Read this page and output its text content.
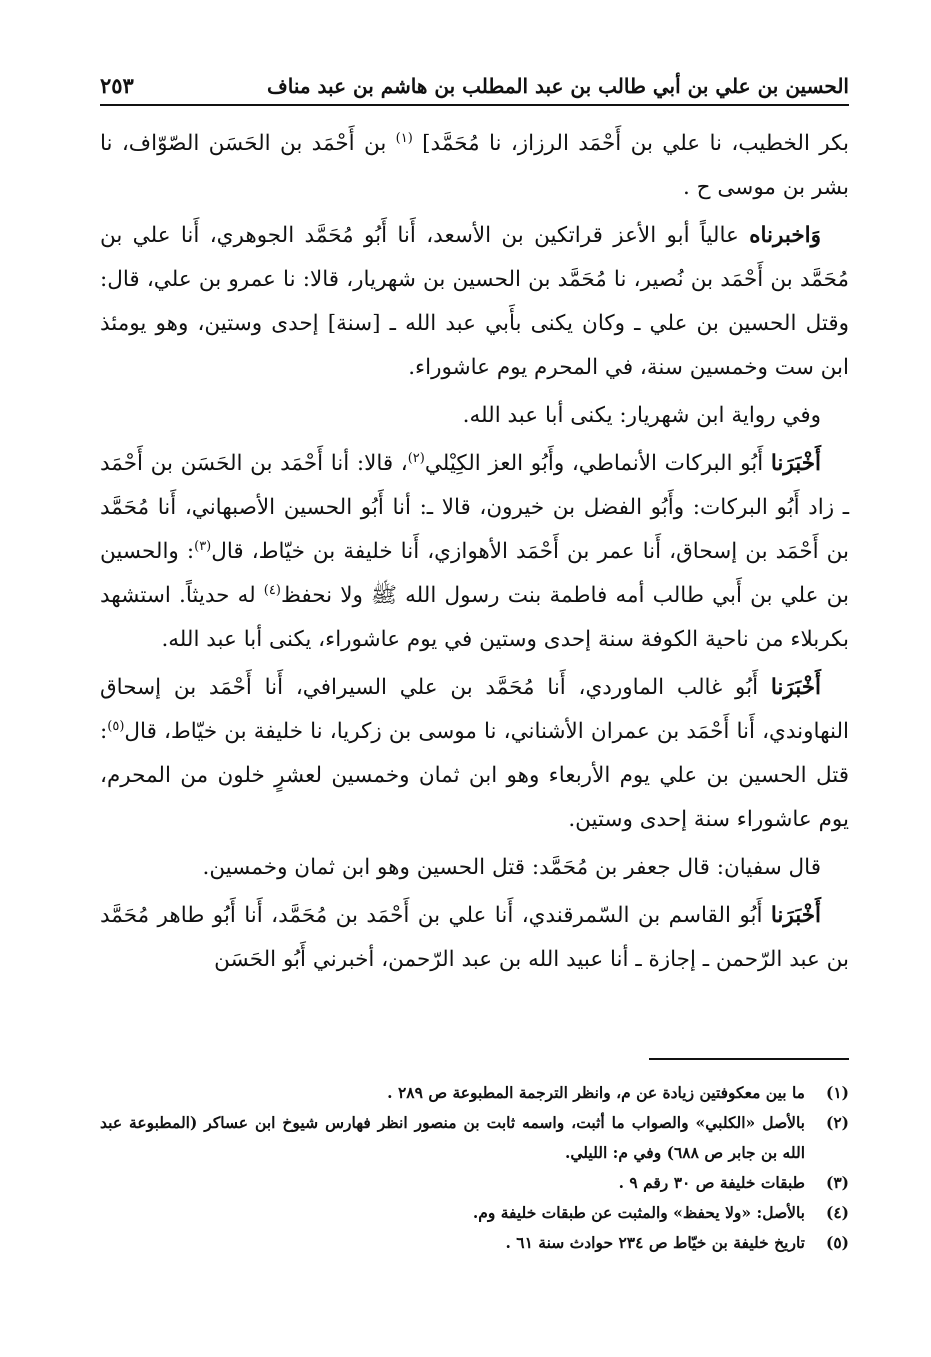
الحسين بن علي بن أبي طالب بن عبد المطلب بن هاشم بن عبد مناف
٢٥٣

بكر الخطيب، نا علي بن أَحْمَد الرزاز، نا مُحَمَّد] $^{(١)}$ بن أَحْمَد بن الحَسَن الصّوّاف، نا بشر بن موسى ح .

وَاخبرناه عالياً أبو الأعز قراتكين بن الأسعد، أَنا أَبُو مُحَمَّد الجوهري، أَنا علي بن مُحَمَّد بن أَحْمَد بن نُصير، نا مُحَمَّد بن الحسين بن شهريار، قالا: نا عمرو بن علي، قال: وقتل الحسين بن علي ـ وكان يكنى بأَبي عبد الله ـ [سنة] إحدى وستين، وهو يومئذ ابن ست وخمسين سنة، في المحرم يوم عاشوراء.

وفي رواية ابن شهريار: يكنى أبا عبد الله.

أَخْبَرَنا أَبُو البركات الأنماطي، وأَبُو العز الكِيْلي$^{(٢)}$، قالا: أنا أَحْمَد بن الحَسَن بن أَحْمَد ـ زاد أَبُو البركات: وأَبُو الفضل بن خيرون، قالا ـ: أنا أَبُو الحسين الأصبهاني، أَنا مُحَمَّد بن أَحْمَد بن إسحاق، أَنا عمر بن أَحْمَد الأهوازي، أَنا خليفة بن خيّاط، قال$^{(٣)}$: والحسين بن علي بن أَبي طالب أمه فاطمة بنت رسول الله ﷺ ولا نحفظ$^{(٤)}$ له حديثاً. استشهد بكربلاء من ناحية الكوفة سنة إحدى وستين في يوم عاشوراء، يكنى أبا عبد الله.

أَخْبَرَنا أَبُو غالب الماوردي، أَنا مُحَمَّد بن علي السيرافي، أَنا أَحْمَد بن إسحاق النهاوندي، أَنا أَحْمَد بن عمران الأشناني، نا موسى بن زكريا، نا خليفة بن خيّاط، قال$^{(٥)}$: قتل الحسين بن علي يوم الأربعاء وهو ابن ثمان وخمسين لعشرٍ خلون من المحرم، يوم عاشوراء سنة إحدى وستين.

قال سفيان: قال جعفر بن مُحَمَّد: قتل الحسين وهو ابن ثمان وخمسين.

أَخْبَرَنا أَبُو القاسم بن السّمرقندي، أَنا علي بن أَحْمَد بن مُحَمَّد، أَنا أَبُو طاهر مُحَمَّد بن عبد الرّحمن ـ إجازة ـ أنا عبيد الله بن عبد الرّحمن، أخبرني أَبُو الحَسَن

(١)
ما بين معكوفتين زيادة عن م، وانظر الترجمة المطبوعة ص ٢٨٩ .
(٢)
بالأصل «الكلبي» والصواب ما أثبت، واسمه ثابت بن منصور انظر فهارس شيوخ ابن عساكر (المطبوعة عبد الله بن جابر ص ٦٨٨) وفي م: الليلي.
(٣)
طبقات خليفة ص ٣٠ رقم ٩ .
(٤)
بالأصل: «ولا يحفظ» والمثبت عن طبقات خليفة وم.
(٥)
تاريخ خليفة بن خيّاط ص ٢٣٤ حوادث سنة ٦١ .
